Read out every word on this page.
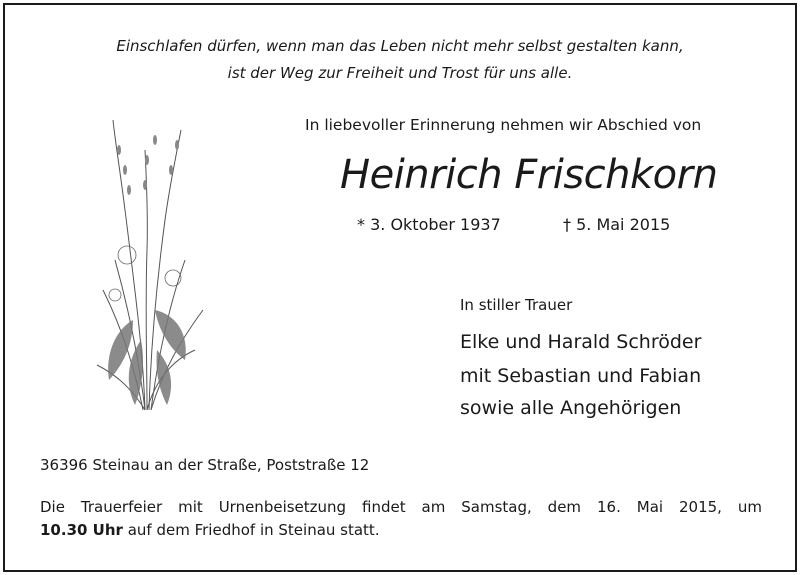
Einschlafen dürfen, wenn man das Leben nicht mehr selbst gestalten kann,
ist der Weg zur Freiheit und Trost für uns alle.
In liebevoller Erinnerung nehmen wir Abschied von
Heinrich Frischkorn
* 3. Oktober 1937	† 5. Mai 2015
In stiller Trauer
Elke und Harald Schröder
mit Sebastian und Fabian
sowie alle Angehörigen
36396 Steinau an der Straße, Poststraße 12
Die Trauerfeier mit Urnenbeisetzung findet am Samstag, dem 16. Mai 2015, um
10.30 Uhr auf dem Friedhof in Steinau statt.
